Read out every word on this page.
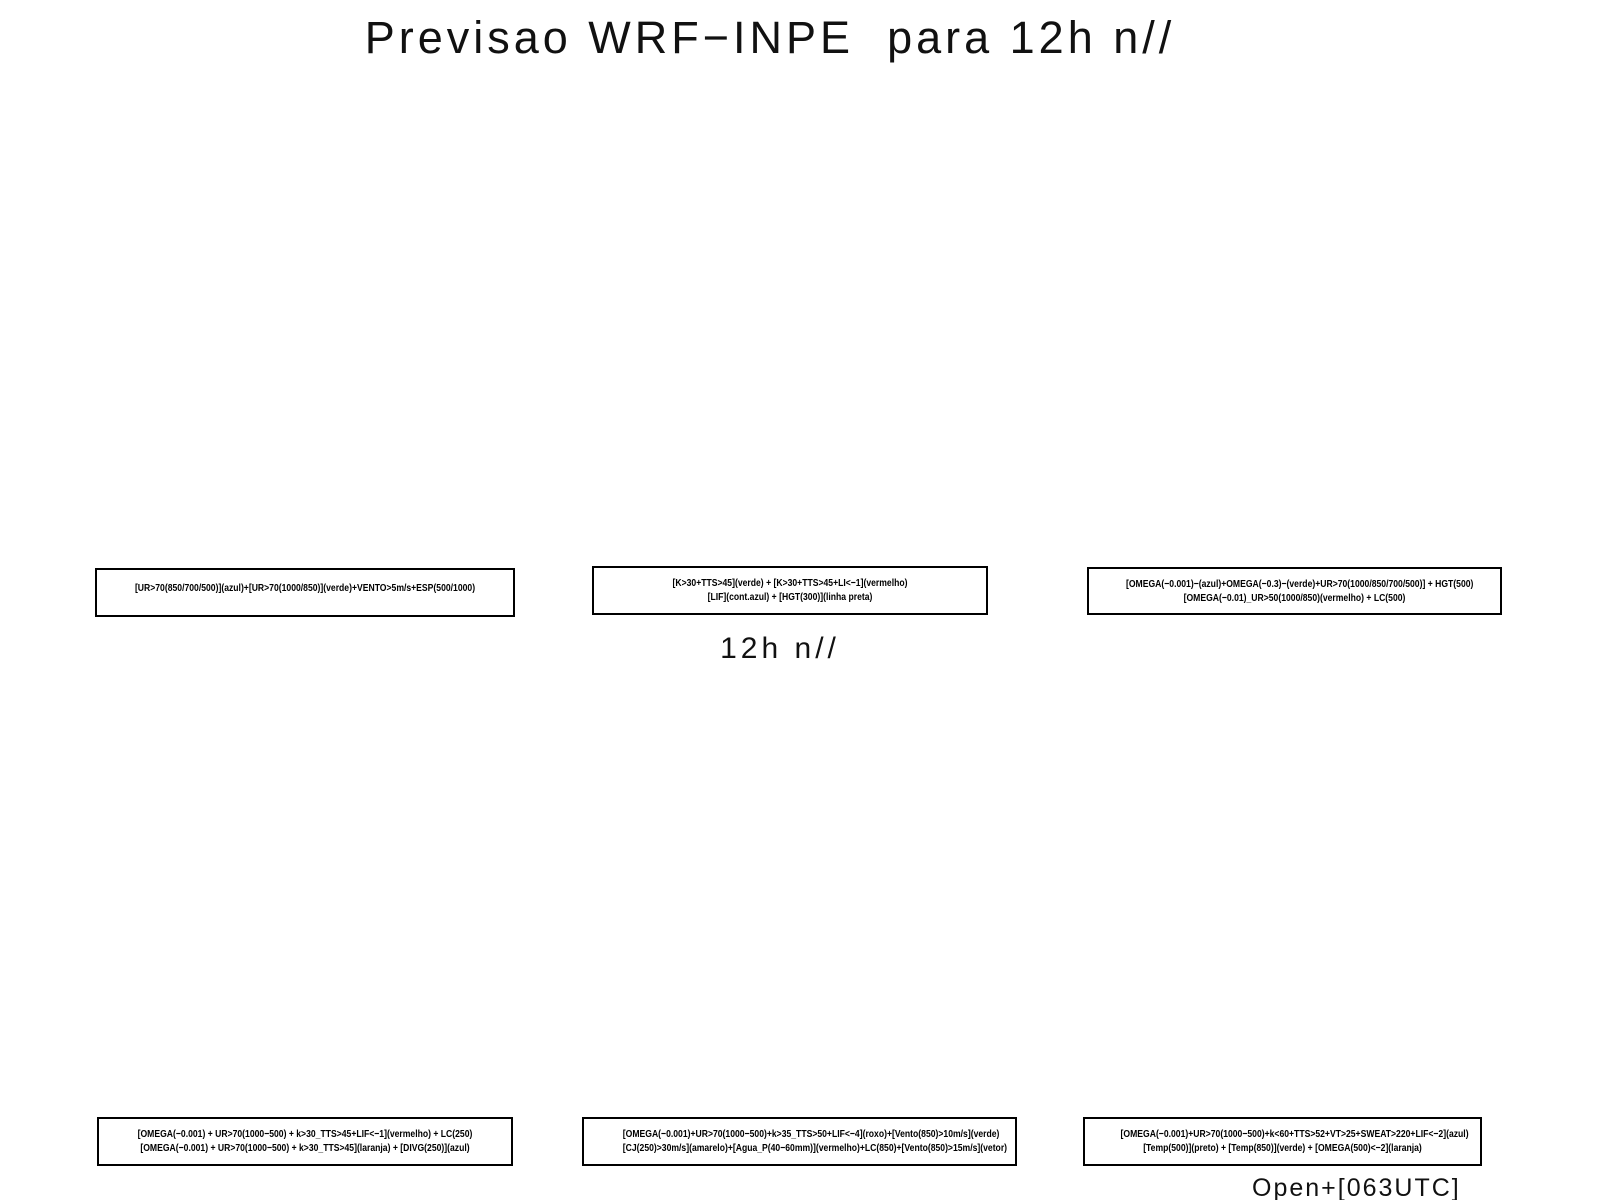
Previsao WRF−INPE  para 12h n//
[UR>70(850/700/500)](azul)+[UR>70(1000/850)](verde)+VENTO>5m/s+ESP(500/1000)	[K>30+TTS>45](verde) + [K>30+TTS>45+LI<−1](vermelho)
[LIF](cont.azul) + [HGT(300)](linha preta)
[OMEGA(−0.001)−(azul)+OMEGA(−0.3)−(verde)+UR>70(1000/850/700/500)] + HGT(500)
[OMEGA(−0.01)_UR>50(1000/850)(vermelho) + LC(500)
12h n//
[OMEGA(−0.001) + UR>70(1000−500) + k>30_TTS>45+LIF<−1](vermelho) + LC(250)
[OMEGA(−0.001) + UR>70(1000−500) + k>30_TTS>45](laranja) + [DIVG(250)](azul)
[OMEGA(−0.001)+UR>70(1000−500)+k>35_TTS>50+LIF<−4](roxo)+[Vento(850)>10m/s](verde)
[CJ(250)>30m/s](amarelo)+[Agua_P(40−60mm)](vermelho)+LC(850)+[Vento(850)>15m/s](vetor)
[OMEGA(−0.001)+UR>70(1000−500)+k<60+TTS>52+VT>25+SWEAT>220+LIF<−2](azul)
[Temp(500)](preto) + [Temp(850)](verde) + [OMEGA(500)<−2](laranja)
Open+[063UTC]
